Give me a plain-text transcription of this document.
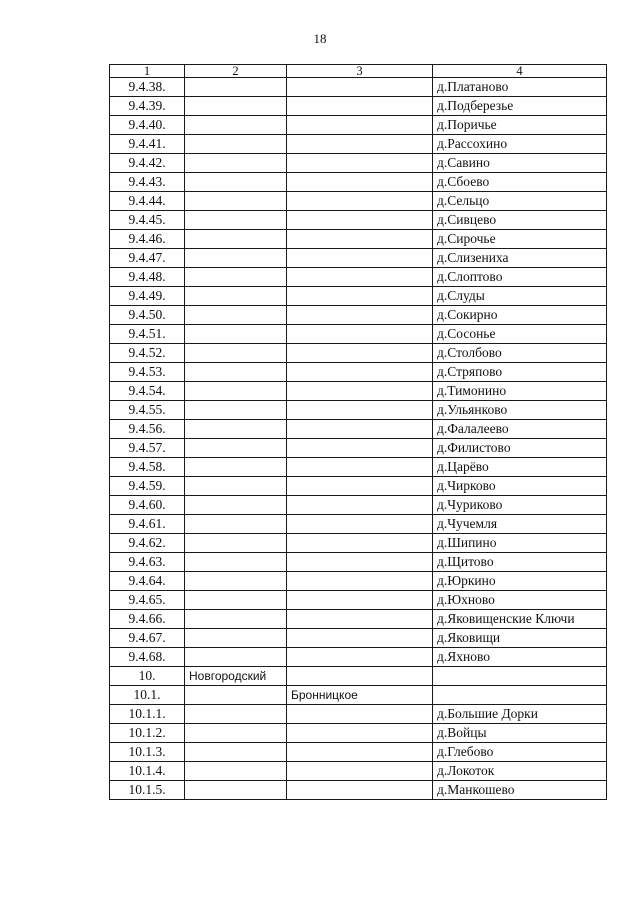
18
1	2	3	4
9.4.38.			д.Платаново
9.4.39.			д.Подберезье
9.4.40.			д.Поричье
9.4.41.			д.Рассохино
9.4.42.			д.Савино
9.4.43.			д.Сбоево
9.4.44.			д.Сельцо
9.4.45.			д.Сивцево
9.4.46.			д.Сирочье
9.4.47.			д.Слизениха
9.4.48.			д.Слоптово
9.4.49.			д.Слуды
9.4.50.			д.Сокирно
9.4.51.			д.Сосонье
9.4.52.			д.Столбово
9.4.53.			д.Стряпово
9.4.54.			д.Тимонино
9.4.55.			д.Ульянково
9.4.56.			д.Фалалеево
9.4.57.			д.Филистово
9.4.58.			д.Царёво
9.4.59.			д.Чирково
9.4.60.			д.Чуриково
9.4.61.			д.Чучемля
9.4.62.			д.Шипино
9.4.63.			д.Щитово
9.4.64.			д.Юркино
9.4.65.			д.Юхново
9.4.66.			д.Яковищенские Ключи
9.4.67.			д.Яковищи
9.4.68.			д.Яхново
10.	Новгородский		
10.1.		Бронницкое	
10.1.1.			д.Большие Дорки
10.1.2.			д.Войцы
10.1.3.			д.Глебово
10.1.4.			д.Локоток
10.1.5.			д.Манкошево
